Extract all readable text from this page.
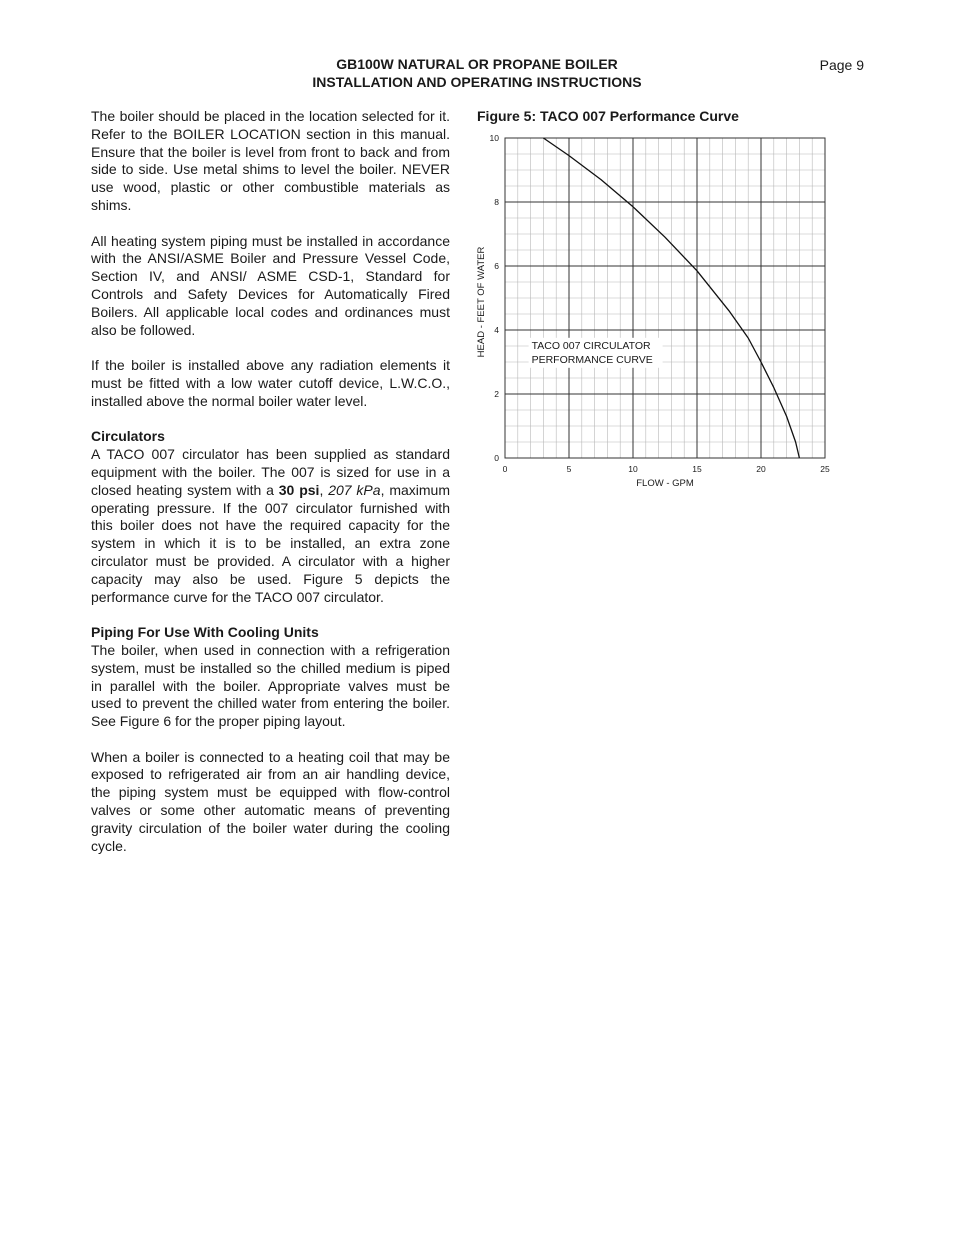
GB100W NATURAL OR PROPANE BOILER
INSTALLATION AND OPERATING INSTRUCTIONS
Page 9

The boiler should be placed in the location selected for it. Refer to the BOILER LOCATION section in this manual. Ensure that the boiler is level from front to back and from side to side. Use metal shims to level the boiler. NEVER use wood, plastic or other combustible materials as shims.

All heating system piping must be installed in accordance with the ANSI/ASME Boiler and Pressure Vessel Code, Section IV, and ANSI/ ASME CSD-1, Standard for Controls and Safety Devices for Automatically Fired Boilers. All applicable local codes and ordinances must also be followed.

If the boiler is installed above any radiation elements it must be fitted with a low water cutoff device, L.W.C.O., installed above the normal boiler water level.

Circulators

A TACO 007 circulator has been supplied as standard equipment with the boiler. The 007 is sized for use in a closed heating system with a 30 psi, 207 kPa, maximum operating pressure. If the 007 circulator furnished with this boiler does not have the required capacity for the system in which it is to be installed, an extra zone circulator must be provided. A circulator with a higher capacity may also be used. Figure 5 depicts the performance curve for the TACO 007 circulator.

Piping For Use With Cooling Units

The boiler, when used in connection with a refrigeration system, must be installed so the chilled medium is piped in parallel with the boiler. Appropriate valves must be used to prevent the chilled water from entering the boiler. See Figure 6 for the proper piping layout.

When a boiler is connected to a heating coil that may be exposed to refrigerated air from an air handling device, the piping system must be equipped with flow-control valves or some other automatic means of preventing gravity circulation of the boiler water during the cooling cycle.

Figure 5: TACO 007 Performance Curve
0	5	10	15	20	25
0
2
4
6
8
10
TACO 007 CIRCULATOR
PERFORMANCE CURVE
FLOW - GPM
HEAD - FEET OF WATER
